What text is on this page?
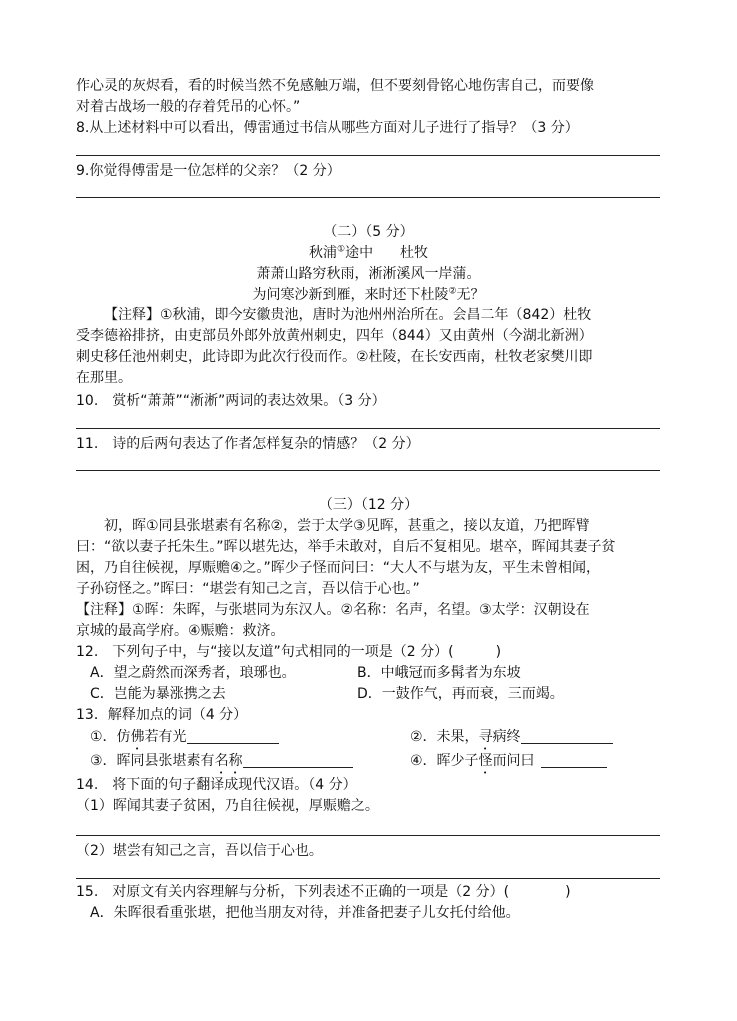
作心灵的灰烬看，看的时候当然不免感触万端，但不要刻骨铭心地伤害自己，而要像
对着古战场一般的存着凭吊的心怀。”
8.从上述材料中可以看出，傅雷通过书信从哪些方面对儿子进行了指导？（3 分）
9.你觉得傅雷是一位怎样的父亲？（2 分）
（二）（5 分）
秋浦①途中 杜牧
萧萧山路穷秋雨，淅淅溪风一岸蒲。
为问寒沙新到雁，来时还下杜陵②无？
【注释】①秋浦，即今安徽贵池，唐时为池州州治所在。会昌二年（842）杜牧
受李德裕排挤，由吏部员外郎外放黄州刺史，四年（844）又由黄州（今湖北新洲）
刺史移任池州刺史，此诗即为此次行役而作。②杜陵，在长安西南，杜牧老家樊川即
在那里。
10.　赏析“萧萧”“淅淅”两词的表达效果。（3 分）
11.　诗的后两句表达了作者怎样复杂的情感？（2 分）
（三）（12 分）
初，晖①同县张堪素有名称②，尝于太学③见晖，甚重之，接以友道，乃把晖臂
曰：“欲以妻子托朱生。”晖以堪先达，举手未敢对，自后不复相见。堪卒，晖闻其妻子贫
困，乃自往候视，厚赈赡④之。”晖少子怪而问曰：“大人不与堪为友，平生未曾相闻，
子孙窃怪之。”晖曰：“堪尝有知己之言，吾以信于心也。”
【注释】①晖：朱晖，与张堪同为东汉人。②名称：名声，名望。③太学：汉朝设在
京城的最高学府。④赈赡：救济。
12.　下列句子中，与“接以友道”句式相同的一项是（2 分）(　　　)
A．望之蔚然而深秀者，琅琊也。	B．中峨冠而多髯者为东坡
C．岂能为暴涨携之去	D．一鼓作气，再而衰，三而竭。
13．解释加点的词（4 分）
①．仿佛若有光	②．未果，寻病终
③．晖同县张堪素有名称	④．晖少子怪而问曰
14.　将下面的句子翻译成现代汉语。（4 分）
（1）晖闻其妻子贫困，乃自往候视，厚赈赡之。
（2）堪尝有知己之言，吾以信于心也。
15.　对原文有关内容理解与分析，下列表述不正确的一项是（2 分）(　　　　)
A．朱晖很看重张堪，把他当朋友对待，并准备把妻子儿女托付给他。
